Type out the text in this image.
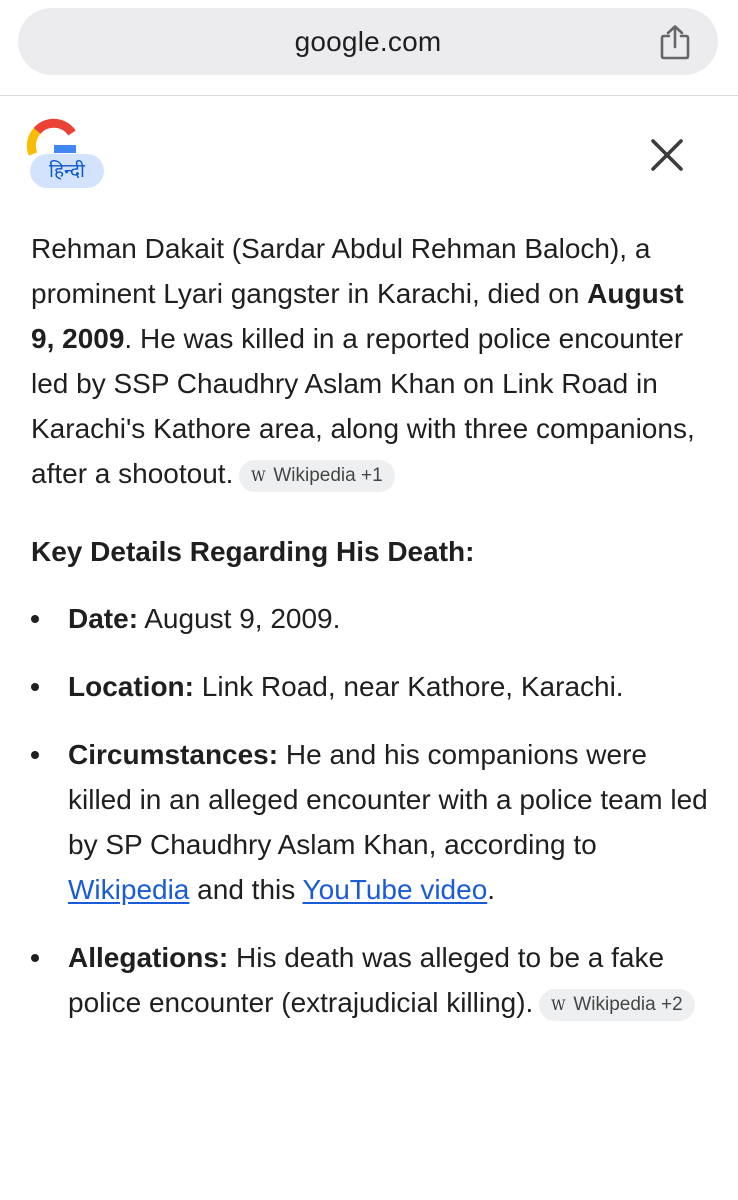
google.com
हिन्दी

Rehman Dakait (Sardar Abdul Rehman Baloch), a prominent Lyari gangster in Karachi, died on August 9, 2009. He was killed in a reported police encounter led by SSP Chaudhry Aslam Khan on Link Road in Karachi's Kathore area, along with three companions, after a shootout. W Wikipedia +1

Key Details Regarding His Death:
Date: August 9, 2009.
Location: Link Road, near Kathore, Karachi.
Circumstances: He and his companions were killed in an alleged encounter with a police team led by SP Chaudhry Aslam Khan, according to Wikipedia and this YouTube video.
Allegations: His death was alleged to be a fake police encounter (extrajudicial killing). W Wikipedia +2
